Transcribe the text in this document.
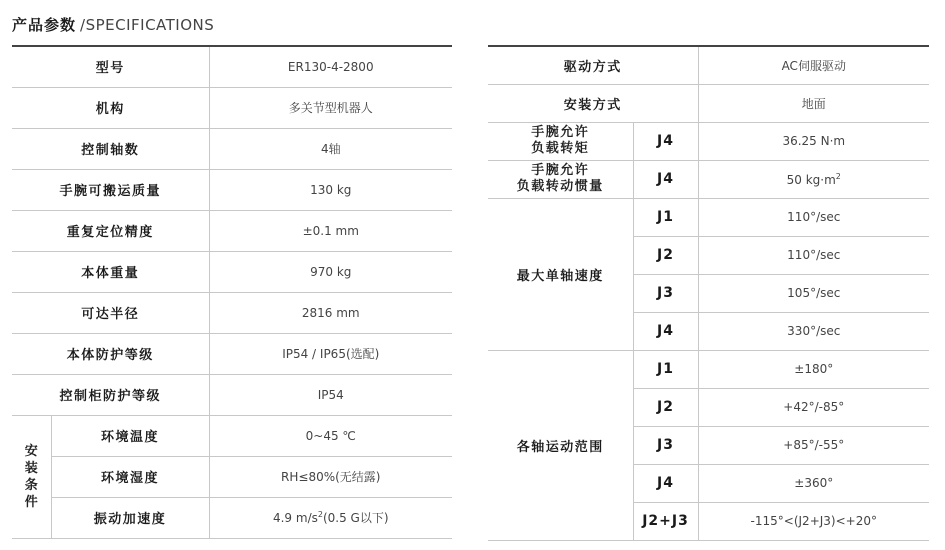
产品参数 /SPECIFICATIONS
型号		ER130-4-2800
机构		多关节型机器人
控制轴数		4轴
手腕可搬运质量		130 kg
重复定位精度		±0.1 mm
本体重量		970 kg
可达半径		2816 mm
本体防护等级		IP54 / IP65(选配)
控制柜防护等级		IP54

安装条件	环境温度	0~45 ℃
	环境湿度	RH≤80%(无结露)
	振动加速度	4.9 $m/s^2(0.5$ G以下)
驱动方式		AC伺服驱动
安装方式		地面

手腕允许
负载转矩	J4	36.25 N·m

手腕允许
负载转动惯量	J4	50 $kg\cdot m^2$
最大单轴速度	J1	110°/sec
	J2	110°/sec
	J3	105°/sec
	J4	330°/sec
各轴运动范围	J1	±180°
	J2	+42°/-85°
	J3	+85°/-55°
	J4	±360°
	J2+J3	-115°<(J2+J3)<+20°
